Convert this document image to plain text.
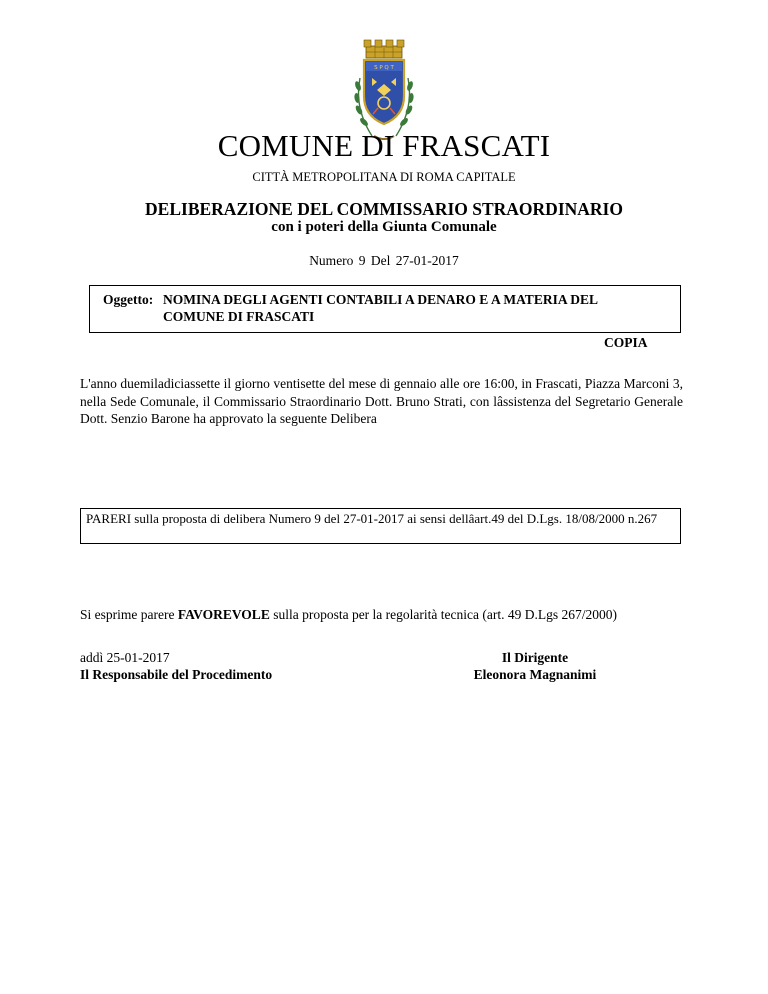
S P Q T
COMUNE DI FRASCATI
CITTÀ METROPOLITANA DI ROMA CAPITALE
DELIBERAZIONE DEL COMMISSARIO STRAORDINARIO
con i poteri della Giunta Comunale
Numero 9 Del 27-01-2017
Oggetto: NOMINA DEGLI AGENTI CONTABILI A DENARO E A MATERIA DEL
COMUNE DI FRASCATI
COPIA
L'anno duemiladiciassette il giorno ventisette del mese di gennaio alle ore 16:00, in Frascati, Piazza Marconi 3, nella Sede Comunale, il Commissario Straordinario Dott. Bruno Strati, con lâssistenza del Segretario Generale Dott. Senzio Barone ha approvato la seguente Delibera
PARERI sulla proposta di delibera Numero 9 del 27-01-2017 ai sensi dellâart.49 del D.Lgs. 18/08/2000 n.267
Si esprime parere FAVOREVOLE sulla proposta per la regolarità tecnica (art. 49 D.Lgs 267/2000)
addì 25-01-2017
Il Responsabile del Procedimento
Il Dirigente
Eleonora Magnanimi
